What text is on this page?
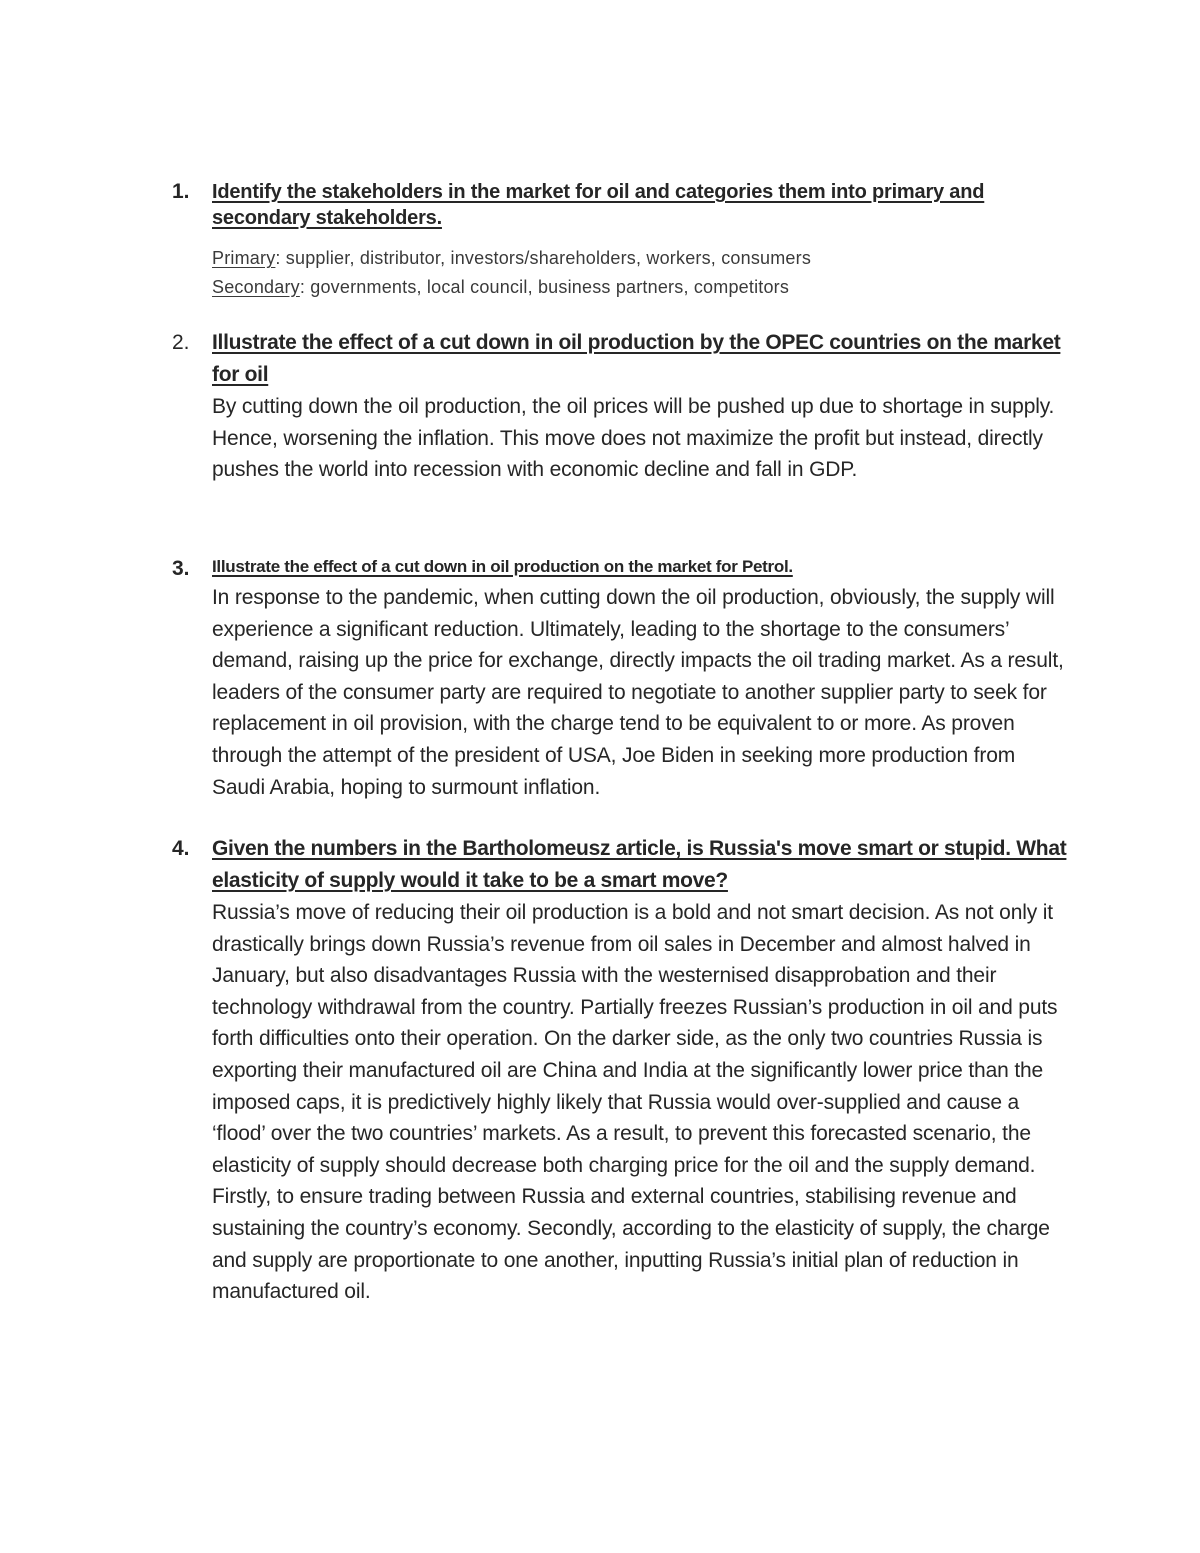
1.	Identify the stakeholders in the market for oil and categories them into primary and secondary stakeholders.

Primary: supplier, distributor, investors/shareholders, workers, consumers

Secondary: governments, local council, business partners, competitors

2.	Illustrate the effect of a cut down in oil production by the OPEC countries on the market for oil

By cutting down the oil production, the oil prices will be pushed up due to shortage in supply. Hence, worsening the inflation. This move does not maximize the profit but instead, directly pushes the world into recession with economic decline and fall in GDP.

3.	Illustrate the effect of a cut down in oil production on the market for Petrol.

In response to the pandemic, when cutting down the oil production, obviously, the supply will experience a significant reduction. Ultimately, leading to the shortage to the consumers’ demand, raising up the price for exchange, directly impacts the oil trading market. As a result, leaders of the consumer party are required to negotiate to another supplier party to seek for replacement in oil provision, with the charge tend to be equivalent to or more. As proven through the attempt of the president of USA, Joe Biden in seeking more production from Saudi Arabia, hoping to surmount inflation.

4.	Given the numbers in the Bartholomeusz article, is Russia's move smart or stupid. What elasticity of supply would it take to be a smart move?

Russia’s move of reducing their oil production is a bold and not smart decision. As not only it drastically brings down Russia’s revenue from oil sales in December and almost halved in January, but also disadvantages Russia with the westernised disapprobation and their technology withdrawal from the country. Partially freezes Russian’s production in oil and puts forth difficulties onto their operation. On the darker side, as the only two countries Russia is exporting their manufactured oil are China and India at the significantly lower price than the imposed caps, it is predictively highly likely that Russia would over-supplied and cause a ‘flood’ over the two countries’ markets. As a result, to prevent this forecasted scenario, the elasticity of supply should decrease both charging price for the oil and the supply demand. Firstly, to ensure trading between Russia and external countries, stabilising revenue and sustaining the country’s economy. Secondly, according to the elasticity of supply, the charge and supply are proportionate to one another, inputting Russia’s initial plan of reduction in manufactured oil.
